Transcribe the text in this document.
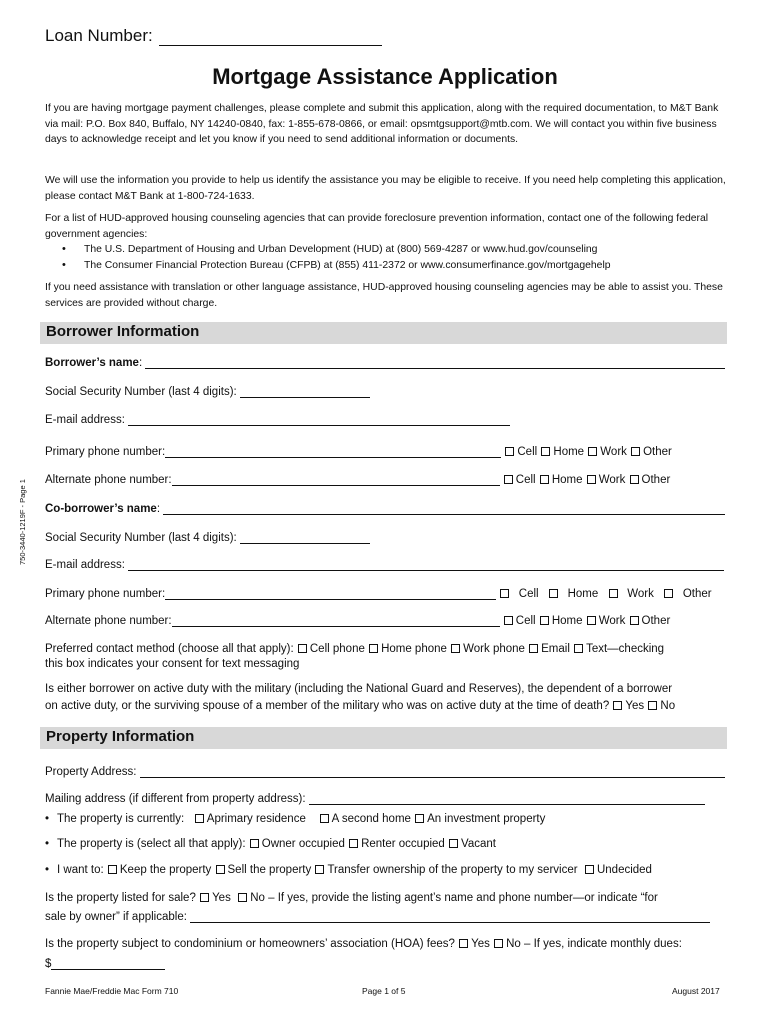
750-3440-1219F - Page 1
Loan Number:
Mortgage Assistance Application
If you are having mortgage payment challenges, please complete and submit this application, along with the required documentation, to M&T Bank via mail: P.O. Box 840, Buffalo, NY 14240-0840, fax: 1-855-678-0866, or email: opsmtgsupport@mtb.com. We will contact you within five business days to acknowledge receipt and let you know if you need to send additional information or documents.
We will use the information you provide to help us identify the assistance you may be eligible to receive. If you need help completing this application, please contact M&T Bank at 1-800-724-1633.
For a list of HUD-approved housing counseling agencies that can provide foreclosure prevention information, contact one of the following federal government agencies:
• The U.S. Department of Housing and Urban Development (HUD) at (800) 569-4287 or www.hud.gov/counseling
• The Consumer Financial Protection Bureau (CFPB) at (855) 411-2372 or www.consumerfinance.gov/mortgagehelp
If you need assistance with translation or other language assistance, HUD-approved housing counseling agencies may be able to assist you. These services are provided without charge.
Borrower Information
Borrower’s name:
Social Security Number (last 4 digits):
E-mail address:
Primary phone number:	Cell Home Work Other
Alternate phone number:	Cell Home Work Other
Co-borrower’s name:
Social Security Number (last 4 digits):
E-mail address:
Primary phone number:	Cell	Home	Work	Other
Alternate phone number:	Cell Home Work Other
Preferred contact method (choose all that apply): Cell phone Home phone Work phone Email Text—checking
this box indicates your consent for text messaging
Is either borrower on active duty with the military (including the National Guard and Reserves), the dependent of a borrower
on active duty, or the surviving spouse of a member of the military who was on active duty at the time of death? Yes No
Property Information
Property Address:
Mailing address (if different from property address):
• The property is currently: Aprimary residence A second home An investment property
• The property is (select all that apply): Owner occupied Renter occupied Vacant
• I want to: Keep the property Sell the property Transfer ownership of the property to my servicer Undecided
Is the property listed for sale? Yes No – If yes, provide the listing agent’s name and phone number—or indicate “for
sale by owner” if applicable:
Is the property subject to condominium or homeowners’ association (HOA) fees? Yes No – If yes, indicate monthly dues:
$
Fannie Mae/Freddie Mac Form 710	Page 1 of 5	August 2017
